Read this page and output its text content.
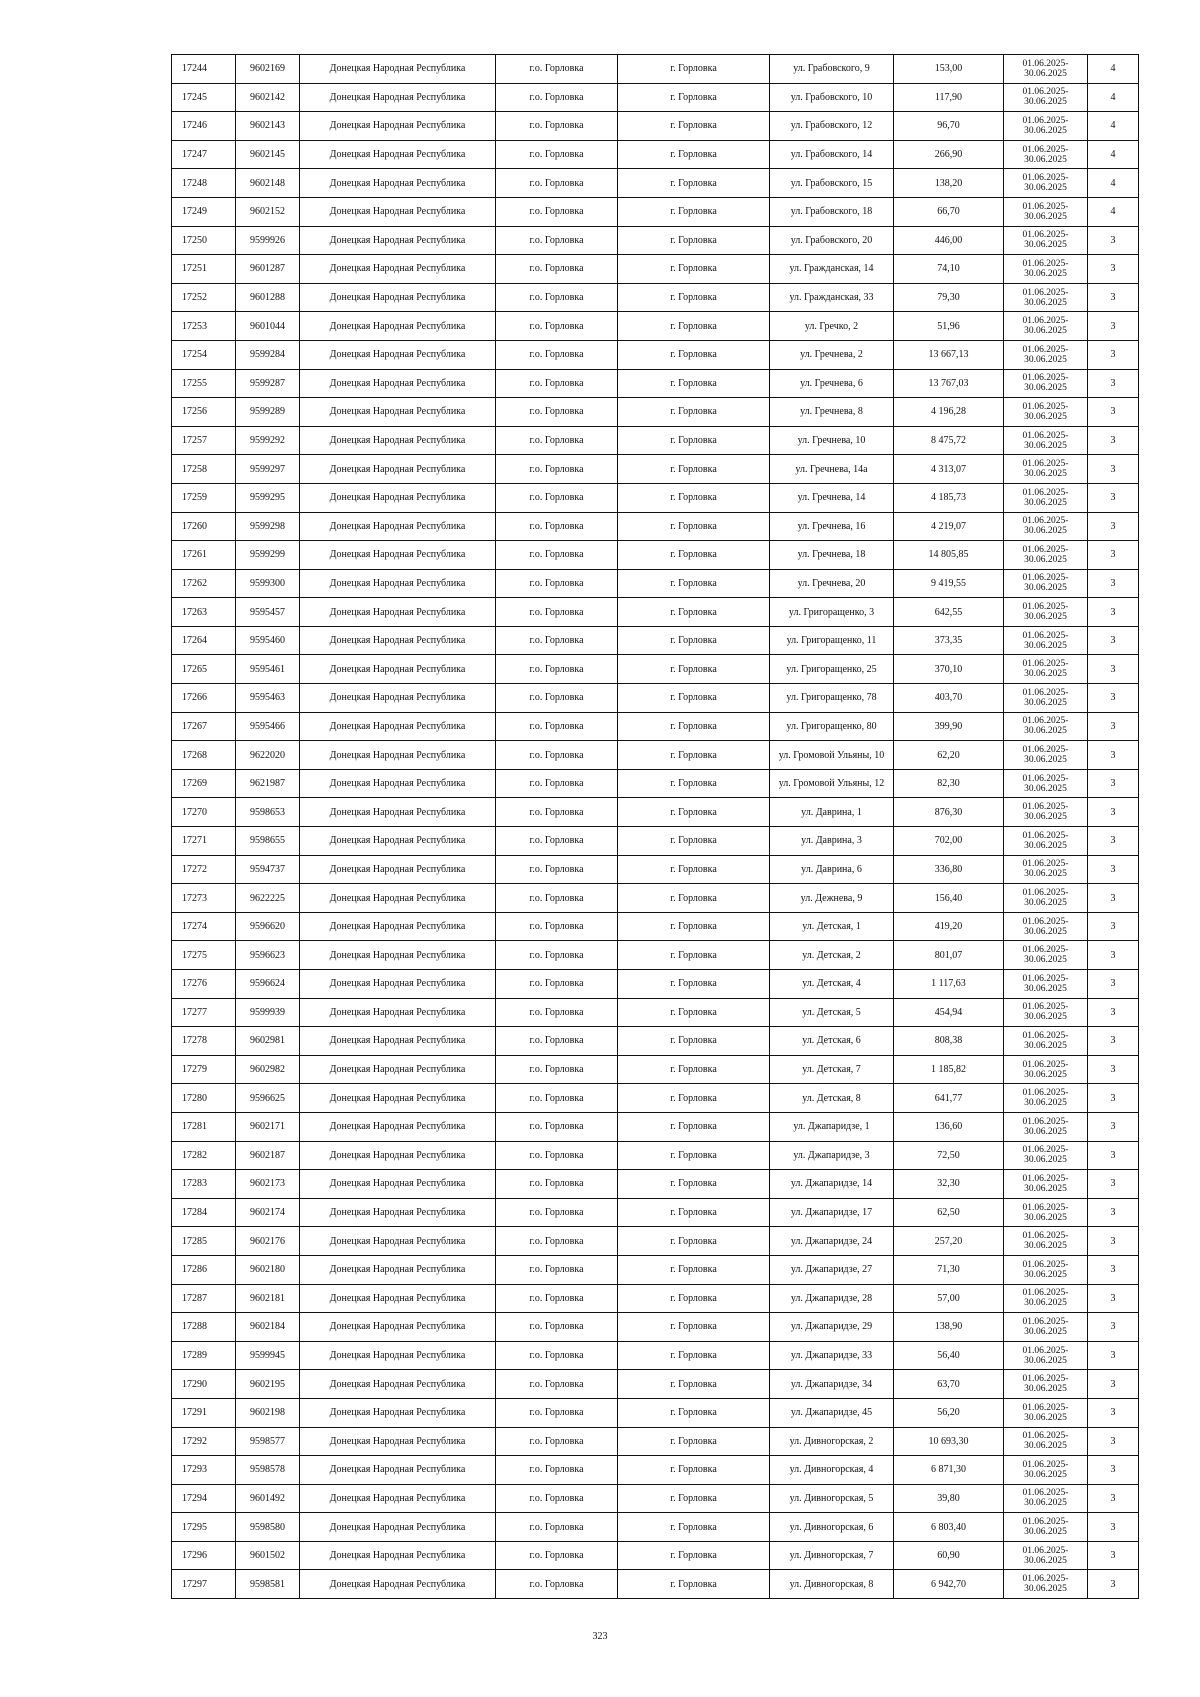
17244	9602169	Донецкая Народная Республика	г.о. Горловка	г. Горловка	ул. Грабовского, 9	153,00	01.06.2025-
30.06.2025	4
17245	9602142	Донецкая Народная Республика	г.о. Горловка	г. Горловка	ул. Грабовского, 10	117,90	01.06.2025-
30.06.2025	4
17246	9602143	Донецкая Народная Республика	г.о. Горловка	г. Горловка	ул. Грабовского, 12	96,70	01.06.2025-
30.06.2025	4
17247	9602145	Донецкая Народная Республика	г.о. Горловка	г. Горловка	ул. Грабовского, 14	266,90	01.06.2025-
30.06.2025	4
17248	9602148	Донецкая Народная Республика	г.о. Горловка	г. Горловка	ул. Грабовского, 15	138,20	01.06.2025-
30.06.2025	4
17249	9602152	Донецкая Народная Республика	г.о. Горловка	г. Горловка	ул. Грабовского, 18	66,70	01.06.2025-
30.06.2025	4
17250	9599926	Донецкая Народная Республика	г.о. Горловка	г. Горловка	ул. Грабовского, 20	446,00	01.06.2025-
30.06.2025	3
17251	9601287	Донецкая Народная Республика	г.о. Горловка	г. Горловка	ул. Гражданская, 14	74,10	01.06.2025-
30.06.2025	3
17252	9601288	Донецкая Народная Республика	г.о. Горловка	г. Горловка	ул. Гражданская, 33	79,30	01.06.2025-
30.06.2025	3
17253	9601044	Донецкая Народная Республика	г.о. Горловка	г. Горловка	ул. Гречко, 2	51,96	01.06.2025-
30.06.2025	3
17254	9599284	Донецкая Народная Республика	г.о. Горловка	г. Горловка	ул. Гречнева, 2	13 667,13	01.06.2025-
30.06.2025	3
17255	9599287	Донецкая Народная Республика	г.о. Горловка	г. Горловка	ул. Гречнева, 6	13 767,03	01.06.2025-
30.06.2025	3
17256	9599289	Донецкая Народная Республика	г.о. Горловка	г. Горловка	ул. Гречнева, 8	4 196,28	01.06.2025-
30.06.2025	3
17257	9599292	Донецкая Народная Республика	г.о. Горловка	г. Горловка	ул. Гречнева, 10	8 475,72	01.06.2025-
30.06.2025	3
17258	9599297	Донецкая Народная Республика	г.о. Горловка	г. Горловка	ул. Гречнева, 14а	4 313,07	01.06.2025-
30.06.2025	3
17259	9599295	Донецкая Народная Республика	г.о. Горловка	г. Горловка	ул. Гречнева, 14	4 185,73	01.06.2025-
30.06.2025	3
17260	9599298	Донецкая Народная Республика	г.о. Горловка	г. Горловка	ул. Гречнева, 16	4 219,07	01.06.2025-
30.06.2025	3
17261	9599299	Донецкая Народная Республика	г.о. Горловка	г. Горловка	ул. Гречнева, 18	14 805,85	01.06.2025-
30.06.2025	3
17262	9599300	Донецкая Народная Республика	г.о. Горловка	г. Горловка	ул. Гречнева, 20	9 419,55	01.06.2025-
30.06.2025	3
17263	9595457	Донецкая Народная Республика	г.о. Горловка	г. Горловка	ул. Григоращенко, 3	642,55	01.06.2025-
30.06.2025	3
17264	9595460	Донецкая Народная Республика	г.о. Горловка	г. Горловка	ул. Григоращенко, 11	373,35	01.06.2025-
30.06.2025	3
17265	9595461	Донецкая Народная Республика	г.о. Горловка	г. Горловка	ул. Григоращенко, 25	370,10	01.06.2025-
30.06.2025	3
17266	9595463	Донецкая Народная Республика	г.о. Горловка	г. Горловка	ул. Григоращенко, 78	403,70	01.06.2025-
30.06.2025	3
17267	9595466	Донецкая Народная Республика	г.о. Горловка	г. Горловка	ул. Григоращенко, 80	399,90	01.06.2025-
30.06.2025	3
17268	9622020	Донецкая Народная Республика	г.о. Горловка	г. Горловка	ул. Громовой Ульяны, 10	62,20	01.06.2025-
30.06.2025	3
17269	9621987	Донецкая Народная Республика	г.о. Горловка	г. Горловка	ул. Громовой Ульяны, 12	82,30	01.06.2025-
30.06.2025	3
17270	9598653	Донецкая Народная Республика	г.о. Горловка	г. Горловка	ул. Даврина, 1	876,30	01.06.2025-
30.06.2025	3
17271	9598655	Донецкая Народная Республика	г.о. Горловка	г. Горловка	ул. Даврина, 3	702,00	01.06.2025-
30.06.2025	3
17272	9594737	Донецкая Народная Республика	г.о. Горловка	г. Горловка	ул. Даврина, 6	336,80	01.06.2025-
30.06.2025	3
17273	9622225	Донецкая Народная Республика	г.о. Горловка	г. Горловка	ул. Дежнева, 9	156,40	01.06.2025-
30.06.2025	3
17274	9596620	Донецкая Народная Республика	г.о. Горловка	г. Горловка	ул. Детская, 1	419,20	01.06.2025-
30.06.2025	3
17275	9596623	Донецкая Народная Республика	г.о. Горловка	г. Горловка	ул. Детская, 2	801,07	01.06.2025-
30.06.2025	3
17276	9596624	Донецкая Народная Республика	г.о. Горловка	г. Горловка	ул. Детская, 4	1 117,63	01.06.2025-
30.06.2025	3
17277	9599939	Донецкая Народная Республика	г.о. Горловка	г. Горловка	ул. Детская, 5	454,94	01.06.2025-
30.06.2025	3
17278	9602981	Донецкая Народная Республика	г.о. Горловка	г. Горловка	ул. Детская, 6	808,38	01.06.2025-
30.06.2025	3
17279	9602982	Донецкая Народная Республика	г.о. Горловка	г. Горловка	ул. Детская, 7	1 185,82	01.06.2025-
30.06.2025	3
17280	9596625	Донецкая Народная Республика	г.о. Горловка	г. Горловка	ул. Детская, 8	641,77	01.06.2025-
30.06.2025	3
17281	9602171	Донецкая Народная Республика	г.о. Горловка	г. Горловка	ул. Джапаридзе, 1	136,60	01.06.2025-
30.06.2025	3
17282	9602187	Донецкая Народная Республика	г.о. Горловка	г. Горловка	ул. Джапаридзе, 3	72,50	01.06.2025-
30.06.2025	3
17283	9602173	Донецкая Народная Республика	г.о. Горловка	г. Горловка	ул. Джапаридзе, 14	32,30	01.06.2025-
30.06.2025	3
17284	9602174	Донецкая Народная Республика	г.о. Горловка	г. Горловка	ул. Джапаридзе, 17	62,50	01.06.2025-
30.06.2025	3
17285	9602176	Донецкая Народная Республика	г.о. Горловка	г. Горловка	ул. Джапаридзе, 24	257,20	01.06.2025-
30.06.2025	3
17286	9602180	Донецкая Народная Республика	г.о. Горловка	г. Горловка	ул. Джапаридзе, 27	71,30	01.06.2025-
30.06.2025	3
17287	9602181	Донецкая Народная Республика	г.о. Горловка	г. Горловка	ул. Джапаридзе, 28	57,00	01.06.2025-
30.06.2025	3
17288	9602184	Донецкая Народная Республика	г.о. Горловка	г. Горловка	ул. Джапаридзе, 29	138,90	01.06.2025-
30.06.2025	3
17289	9599945	Донецкая Народная Республика	г.о. Горловка	г. Горловка	ул. Джапаридзе, 33	56,40	01.06.2025-
30.06.2025	3
17290	9602195	Донецкая Народная Республика	г.о. Горловка	г. Горловка	ул. Джапаридзе, 34	63,70	01.06.2025-
30.06.2025	3
17291	9602198	Донецкая Народная Республика	г.о. Горловка	г. Горловка	ул. Джапаридзе, 45	56,20	01.06.2025-
30.06.2025	3
17292	9598577	Донецкая Народная Республика	г.о. Горловка	г. Горловка	ул. Дивногорская, 2	10 693,30	01.06.2025-
30.06.2025	3
17293	9598578	Донецкая Народная Республика	г.о. Горловка	г. Горловка	ул. Дивногорская, 4	6 871,30	01.06.2025-
30.06.2025	3
17294	9601492	Донецкая Народная Республика	г.о. Горловка	г. Горловка	ул. Дивногорская, 5	39,80	01.06.2025-
30.06.2025	3
17295	9598580	Донецкая Народная Республика	г.о. Горловка	г. Горловка	ул. Дивногорская, 6	6 803,40	01.06.2025-
30.06.2025	3
17296	9601502	Донецкая Народная Республика	г.о. Горловка	г. Горловка	ул. Дивногорская, 7	60,90	01.06.2025-
30.06.2025	3
17297	9598581	Донецкая Народная Республика	г.о. Горловка	г. Горловка	ул. Дивногорская, 8	6 942,70	01.06.2025-
30.06.2025	3
323
